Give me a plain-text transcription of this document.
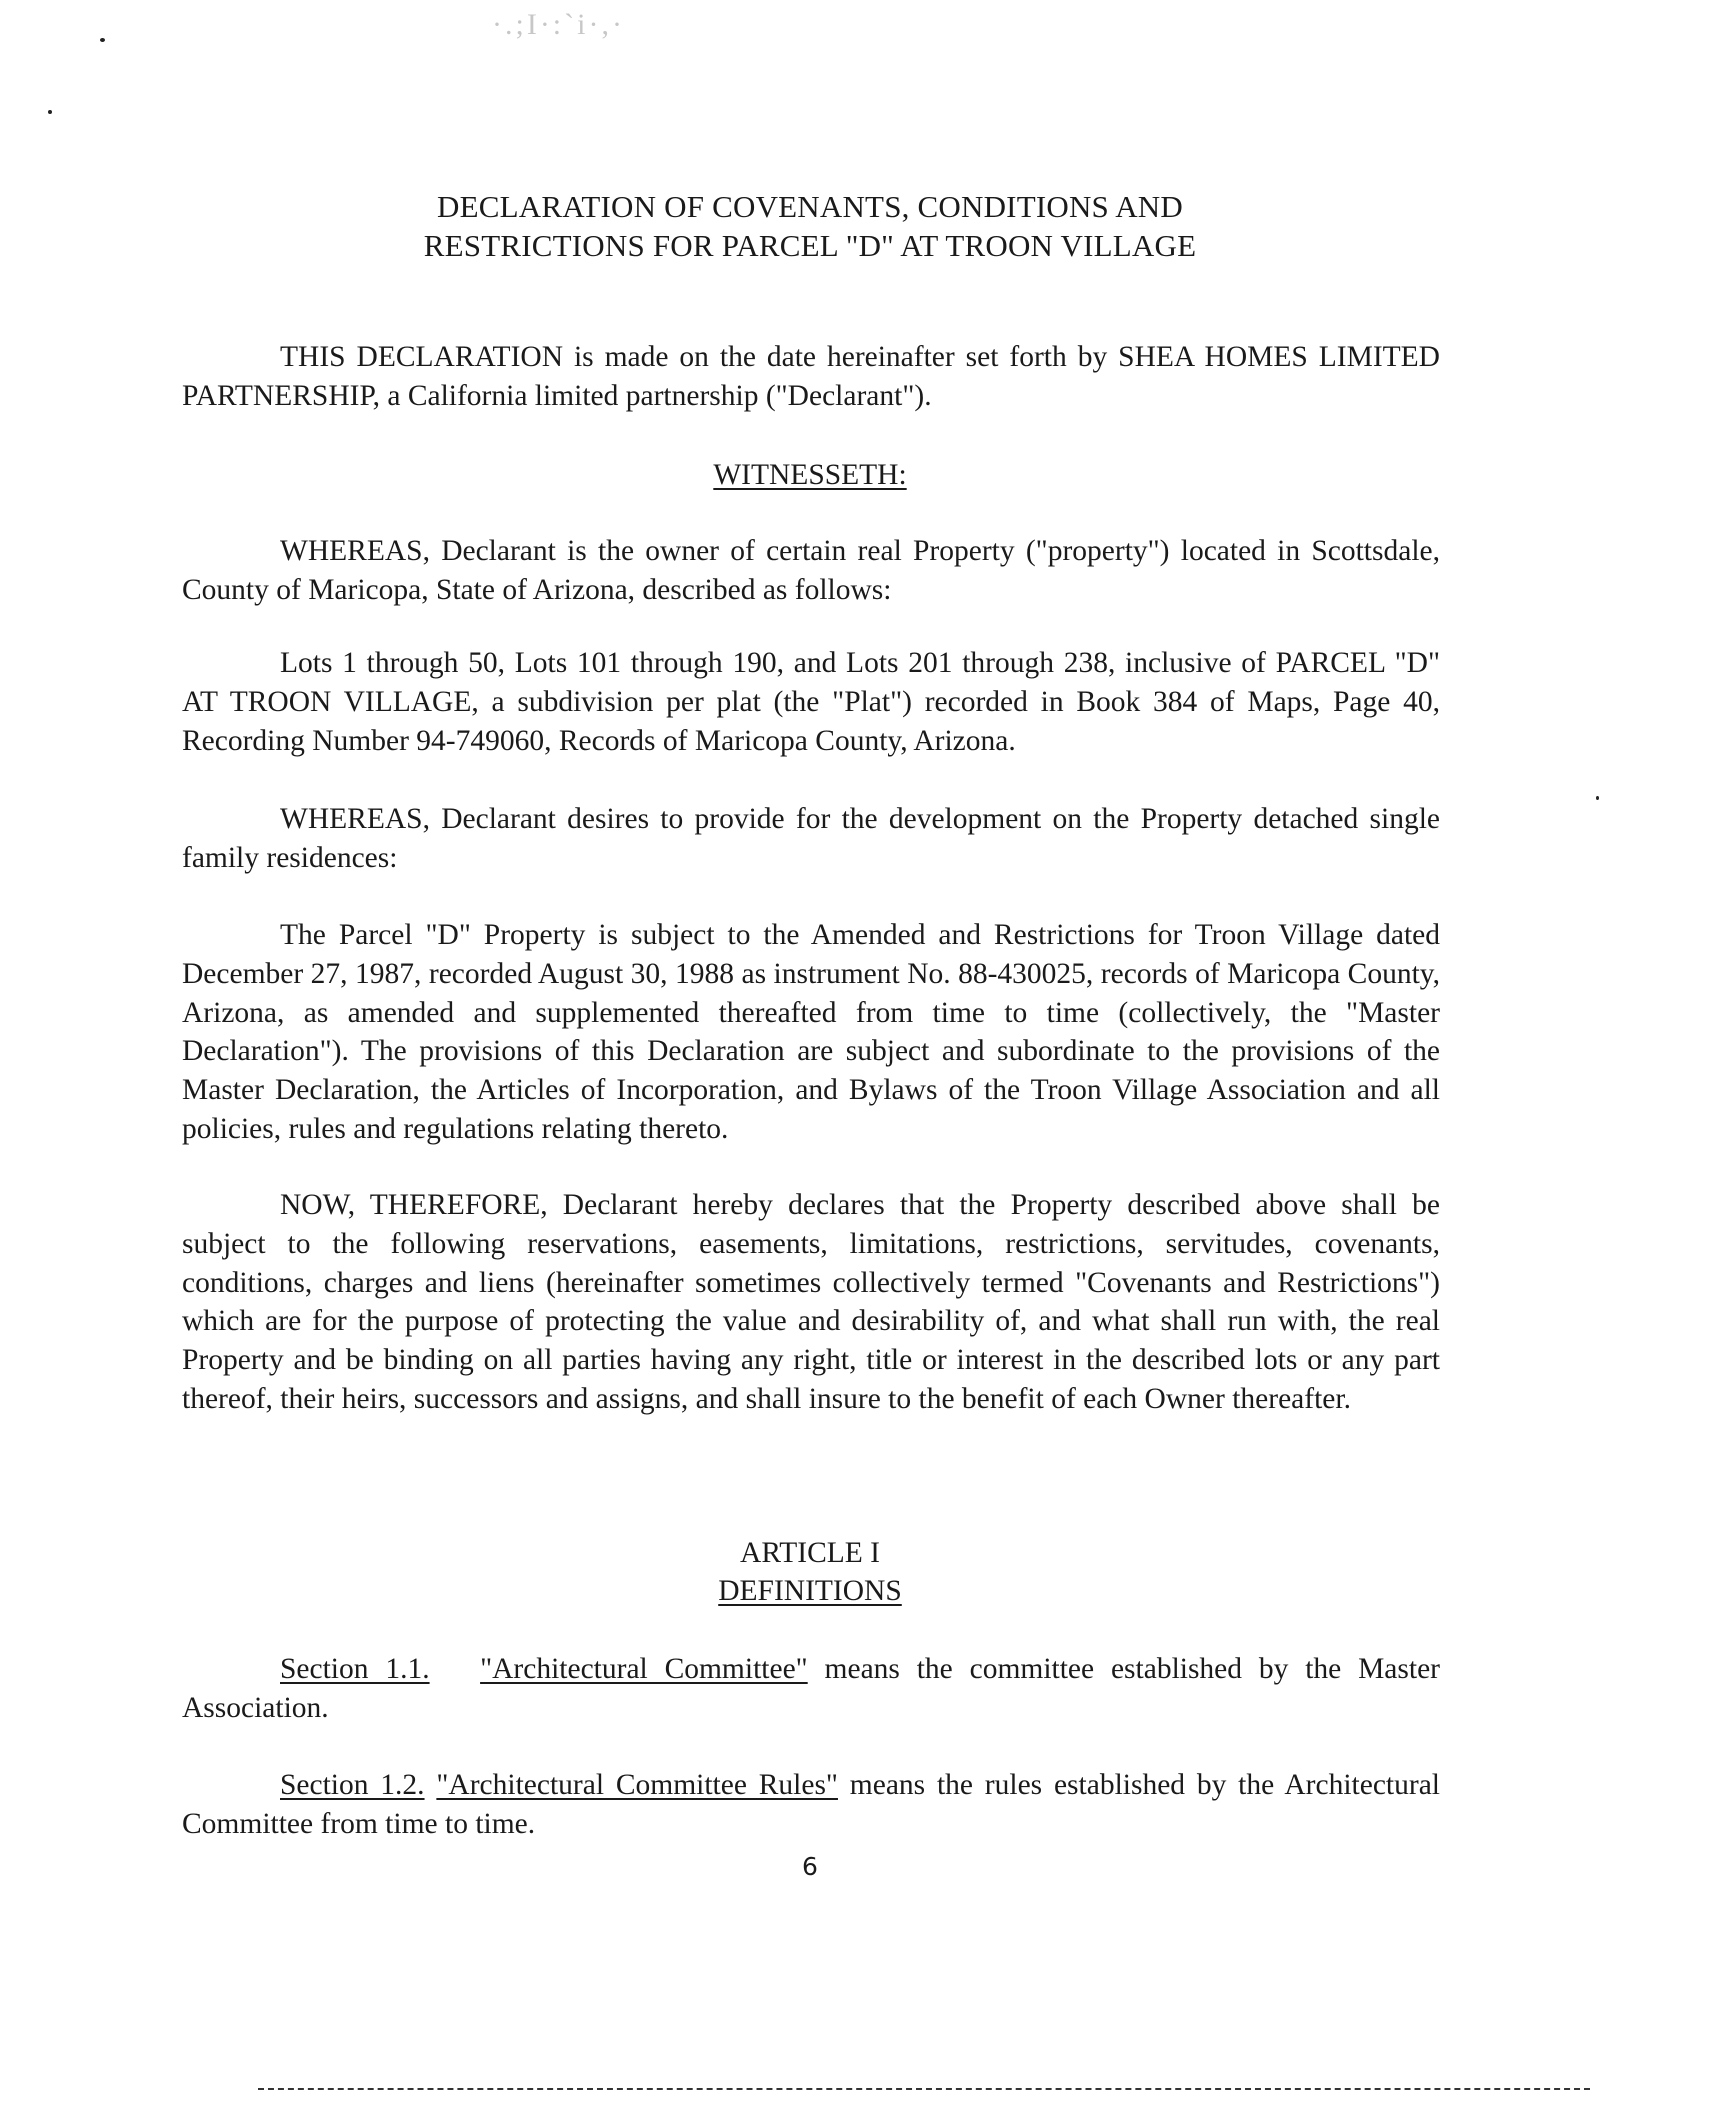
·.;I·:`i·,·
DECLARATION OF COVENANTS, CONDITIONS AND
RESTRICTIONS FOR PARCEL "D" AT TROON VILLAGE
THIS DECLARATION is made on the date hereinafter set forth by SHEA HOMES LIMITED PARTNERSHIP, a California limited partnership ("Declarant").
WITNESSETH:
WHEREAS, Declarant is the owner of certain real Property ("property") located in Scottsdale, County of Maricopa, State of Arizona, described as follows:
Lots 1 through 50, Lots 101 through 190, and Lots 201 through 238, inclusive of PARCEL "D" AT TROON VILLAGE, a subdivision per plat (the "Plat") recorded in Book 384 of Maps, Page 40, Recording Number 94-749060, Records of Maricopa County, Arizona.
WHEREAS, Declarant desires to provide for the development on the Property detached single family residences:
The Parcel "D" Property is subject to the Amended and Restrictions for Troon Village dated December 27, 1987, recorded August 30, 1988 as instrument No. 88-430025, records of Maricopa County, Arizona, as amended and supplemented thereafted from time to time (collectively, the "Master Declaration"). The provisions of this Declaration are subject and subordinate to the provisions of the Master Declaration, the Articles of Incorporation, and Bylaws of the Troon Village Association and all policies, rules and regulations relating thereto.
NOW, THEREFORE, Declarant hereby declares that the Property described above shall be subject to the following reservations, easements, limitations, restrictions, servitudes, covenants, conditions, charges and liens (hereinafter sometimes collectively termed "Covenants and Restrictions") which are for the purpose of protecting the value and desirability of, and what shall run with, the real Property and be binding on all parties having any right, title or interest in the described lots or any part thereof, their heirs, successors and assigns, and shall insure to the benefit of each Owner thereafter.
ARTICLE I
DEFINITIONS
Section 1.1. "Architectural Committee" means the committee established by the Master Association.
Section 1.2. "Architectural Committee Rules" means the rules established by the Architectural Committee from time to time.
6
